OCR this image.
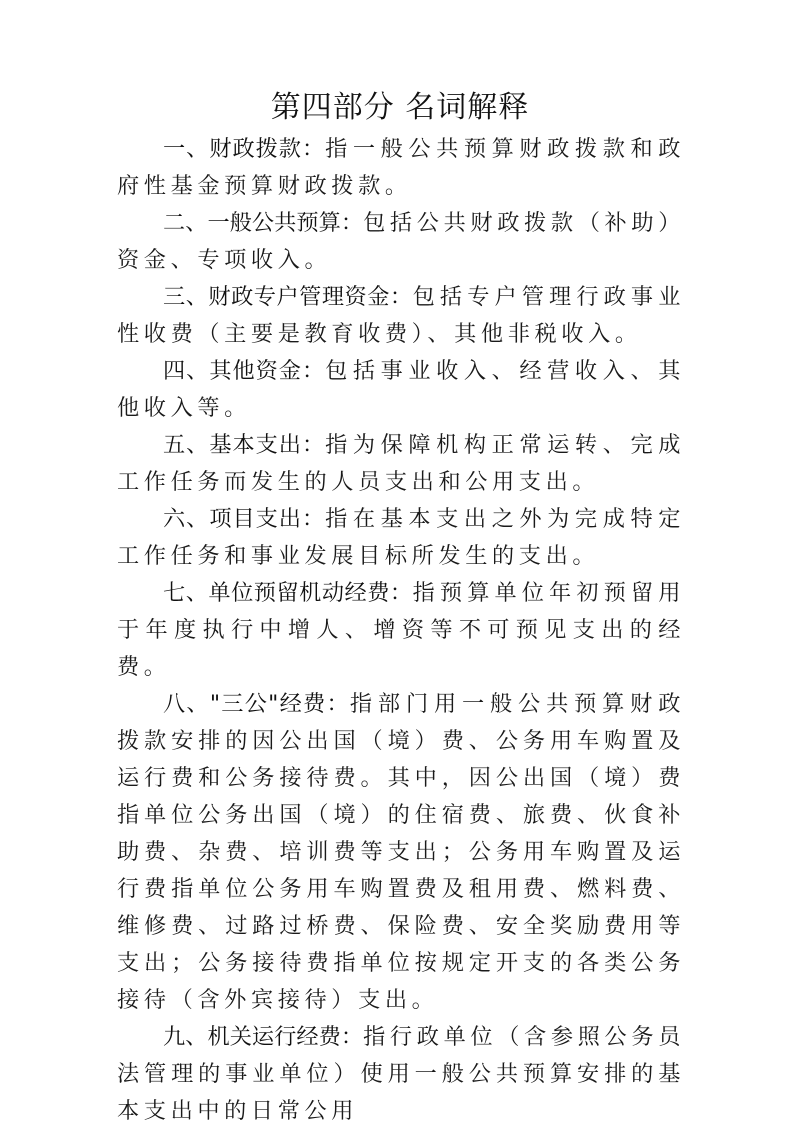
第四部分 名词解释

一、财政拨款：指一般公共预算财政拨款和政府性基金预算财政拨款。

二、一般公共预算：包括公共财政拨款（补助）资金、专项收入。

三、财政专户管理资金：包括专户管理行政事业性收费（主要是教育收费）、其他非税收入。

四、其他资金：包括事业收入、经营收入、其他收入等。

五、基本支出：指为保障机构正常运转、完成工作任务而发生的人员支出和公用支出。

六、项目支出：指在基本支出之外为完成特定工作任务和事业发展目标所发生的支出。

七、单位预留机动经费：指预算单位年初预留用于年度执行中增人、增资等不可预见支出的经费。

八、"三公"经费：指部门用一般公共预算财政拨款安排的因公出国（境）费、公务用车购置及运行费和公务接待费。其中，因公出国（境）费指单位公务出国（境）的住宿费、旅费、伙食补助费、杂费、培训费等支出；公务用车购置及运行费指单位公务用车购置费及租用费、燃料费、维修费、过路过桥费、保险费、安全奖励费用等支出；公务接待费指单位按规定开支的各类公务接待（含外宾接待）支出。

九、机关运行经费：指行政单位（含参照公务员法管理的事业单位）使用一般公共预算安排的基本支出中的日常公用
